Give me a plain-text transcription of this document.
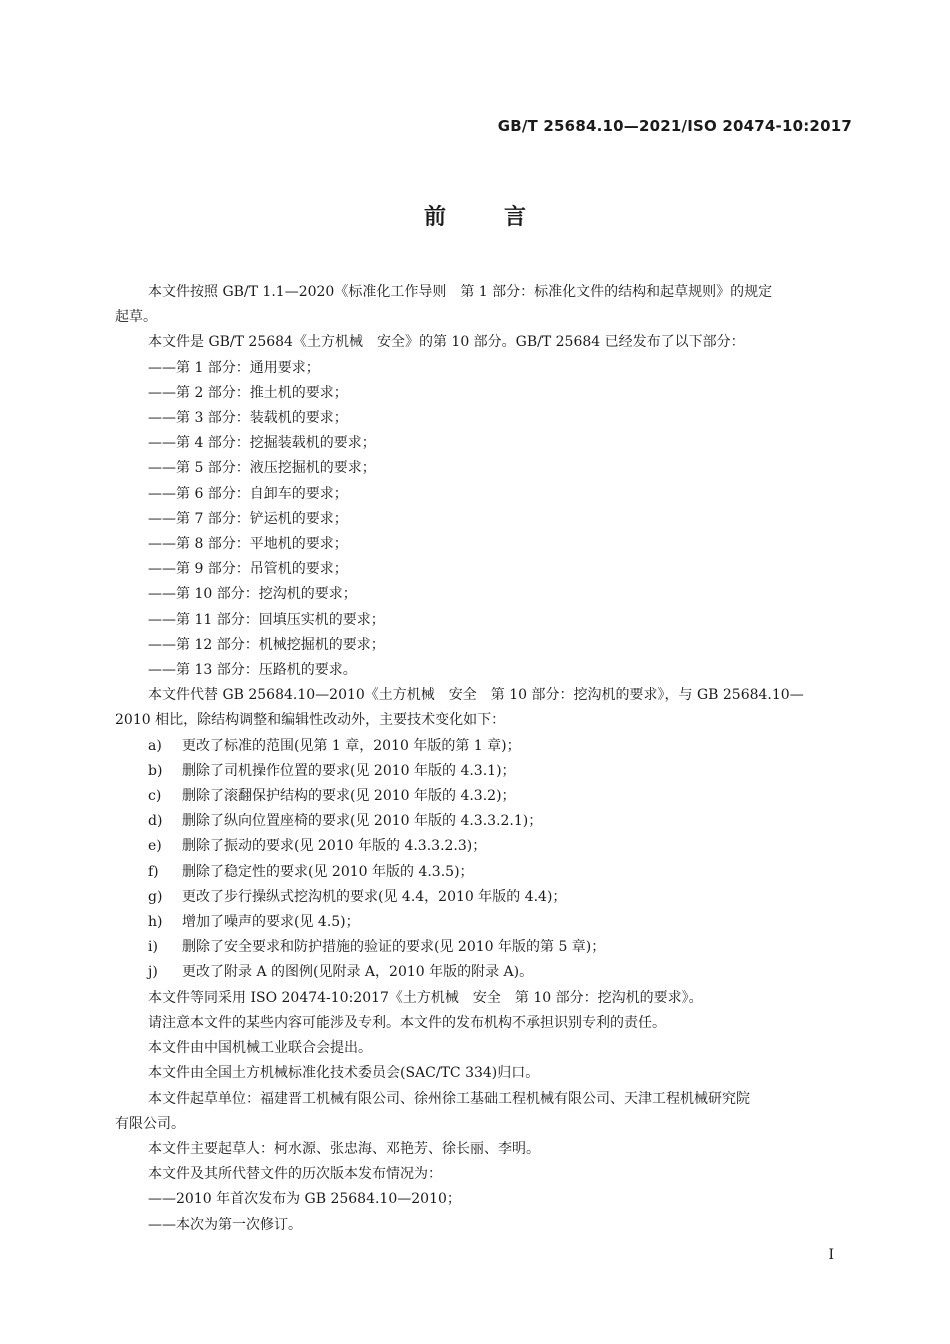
GB/T 25684.10—2021/ISO 20474-10:2017
前言

本文件按照 GB/T 1.1—2020《标准化工作导则　第 1 部分：标准化文件的结构和起草规则》的规定

起草。

本文件是 GB/T 25684《土方机械　安全》的第 10 部分。GB/T 25684 已经发布了以下部分：

——第 1 部分：通用要求；

——第 2 部分：推土机的要求；

——第 3 部分：装载机的要求；

——第 4 部分：挖掘装载机的要求；

——第 5 部分：液压挖掘机的要求；

——第 6 部分：自卸车的要求；

——第 7 部分：铲运机的要求；

——第 8 部分：平地机的要求；

——第 9 部分：吊管机的要求；

——第 10 部分：挖沟机的要求；

——第 11 部分：回填压实机的要求；

——第 12 部分：机械挖掘机的要求；

——第 13 部分：压路机的要求。

本文件代替 GB 25684.10—2010《土方机械　安全　第 10 部分：挖沟机的要求》，与 GB 25684.10—

2010 相比，除结构调整和编辑性改动外，主要技术变化如下：

a) 更改了标准的范围(见第 1 章，2010 年版的第 1 章)；

b) 删除了司机操作位置的要求(见 2010 年版的 4.3.1)；

c) 删除了滚翻保护结构的要求(见 2010 年版的 4.3.2)；

d) 删除了纵向位置座椅的要求(见 2010 年版的 4.3.3.2.1)；

e) 删除了振动的要求(见 2010 年版的 4.3.3.2.3)；

f) 删除了稳定性的要求(见 2010 年版的 4.3.5)；

g) 更改了步行操纵式挖沟机的要求(见 4.4，2010 年版的 4.4)；

h) 增加了噪声的要求(见 4.5)；

i) 删除了安全要求和防护措施的验证的要求(见 2010 年版的第 5 章)；

j) 更改了附录 A 的图例(见附录 A，2010 年版的附录 A)。

本文件等同采用 ISO 20474-10:2017《土方机械　安全　第 10 部分：挖沟机的要求》。

请注意本文件的某些内容可能涉及专利。本文件的发布机构不承担识别专利的责任。

本文件由中国机械工业联合会提出。

本文件由全国土方机械标准化技术委员会(SAC/TC 334)归口。

本文件起草单位：福建晋工机械有限公司、徐州徐工基础工程机械有限公司、天津工程机械研究院

有限公司。

本文件主要起草人：柯水源、张忠海、邓艳芳、徐长丽、李明。

本文件及其所代替文件的历次版本发布情况为：

——2010 年首次发布为 GB 25684.10—2010；

——本次为第一次修订。

I
